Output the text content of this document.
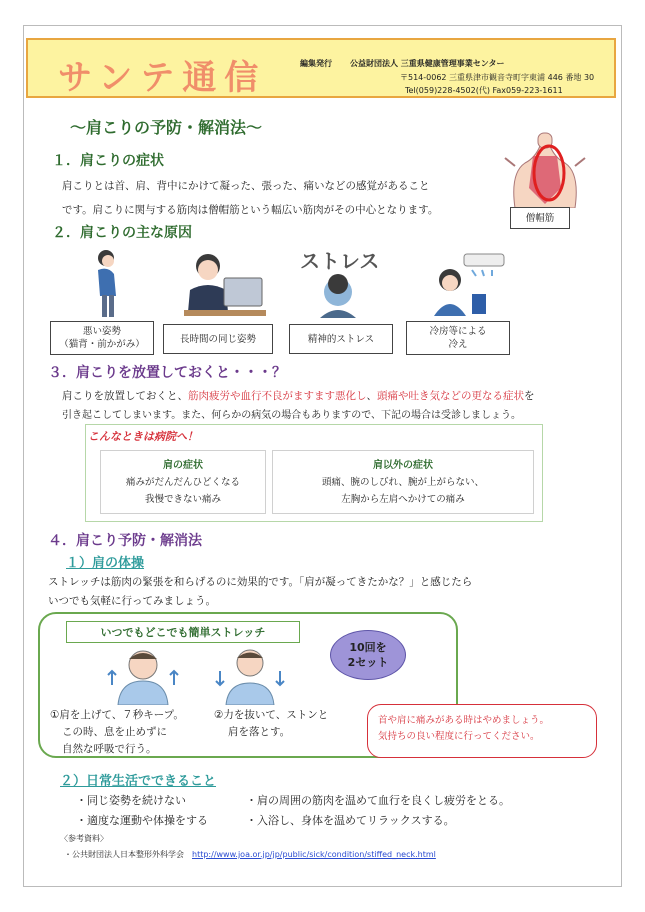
サンテ通信	編集発行 公益財団法人 三重県健康管理事業センター
〒514-0062 三重県津市観音寺町字東浦 446 番地 30
Tel(059)228-4502(代) Fax059-223-1611
～肩こりの予防・解消法～
１．肩こりの症状
肩こりとは首、肩、背中にかけて凝った、張った、痛いなどの感覚があること
です。肩こりに関与する筋肉は僧帽筋という幅広い筋肉がその中心となります。
僧帽筋
２．肩こりの主な原因
ストレス
悪い姿勢
（猫背・前かがみ）	長時間の同じ姿勢	精神的ストレス
冷房等による
冷え
３．肩こりを放置しておくと・・・？
肩こりを放置しておくと、筋肉疲労や血行不良がますます悪化し、頭痛や吐き気などの更なる症状を
引き起こしてしまいます。また、何らかの病気の場合もありますので、下記の場合は受診しましょう。
こんなときは病院へ！
肩の症状
痛みがだんだんひどくなる
我慢できない痛み
肩以外の症状
頭痛、腕のしびれ、腕が上がらない、
左胸から左肩へかけての痛み
４．肩こり予防・解消法
１）肩の体操
ストレッチは筋肉の緊張を和らげるのに効果的です。「肩が凝ってきたかな？」と感じたら
いつでも気軽に行ってみましょう。
いつでもどこでも簡単ストレッチ
10回を
2セット
①肩を上げて、７秒キープ。
この時、息を止めずに
自然な呼吸で行う。
②力を抜いて、ストンと
肩を落とす。
首や肩に痛みがある時はやめましょう。
気持ちの良い程度に行ってください。
２）日常生活でできること
・同じ姿勢を続けない	・肩の周囲の筋肉を温めて血行を良くし疲労をとる。
・適度な運動や体操をする	・入浴し、身体を温めてリラックスする。
〈参考資料〉
・公共財団法人日本整形外科学会 http://www.joa.or.jp/jp/public/sick/condition/stiffed_neck.html
